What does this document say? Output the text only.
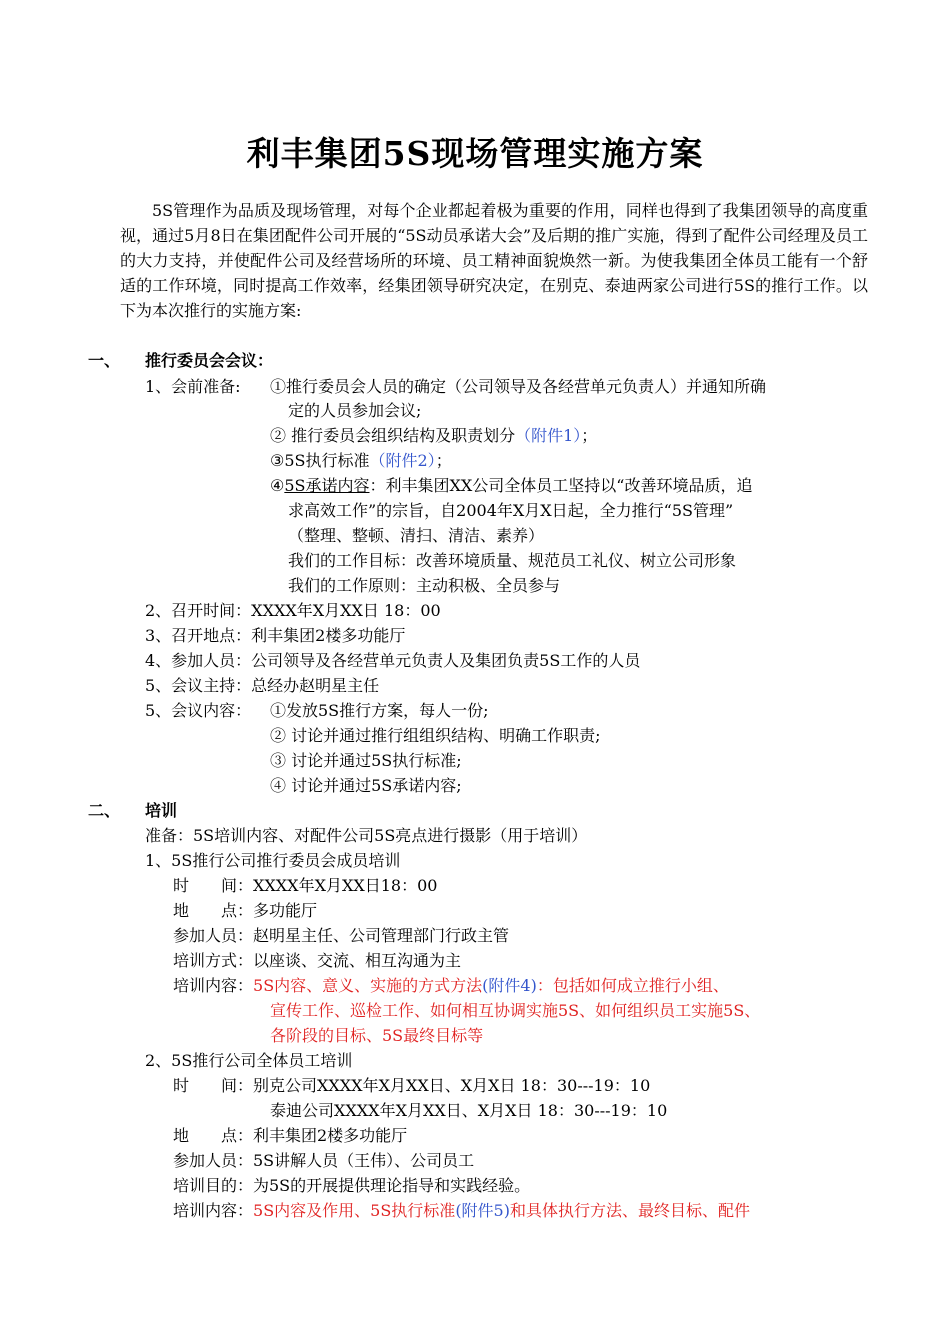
利丰集团5S现场管理实施方案
5S管理作为品质及现场管理，对每个企业都起着极为重要的作用，同样也得到了我集团领导的高度重视，通过5月8日在集团配件公司开展的“5S动员承诺大会”及后期的推广实施，得到了配件公司经理及员工的大力支持，并使配件公司及经营场所的环境、员工精神面貌焕然一新。为使我集团全体员工能有一个舒适的工作环境，同时提高工作效率，经集团领导研究决定，在别克、泰迪两家公司进行5S的推行工作。以下为本次推行的实施方案:
一、 推行委员会会议：
1、会前准备: ①推行委员会人员的确定（公司领导及各经营单元负责人）并通知所确
定的人员参加会议;
② 推行委员会组织结构及职责划分（附件1）；
③5S执行标准（附件2）；
④5S承诺内容：利丰集团XX公司全体员工坚持以“改善环境品质，追
求高效工作”的宗旨，自2004年X月X日起，全力推行“5S管理”
（整理、整顿、清扫、清洁、素养）
我们的工作目标：改善环境质量、规范员工礼仪、树立公司形象
我们的工作原则：主动积极、全员参与
2、召开时间：XXXX年X月XX日 18：00
3、召开地点：利丰集团2楼多功能厅
4、参加人员：公司领导及各经营单元负责人及集团负责5S工作的人员
5、会议主持：总经办赵明星主任
5、会议内容： ①发放5S推行方案，每人一份;
② 讨论并通过推行组组织结构、明确工作职责;
③ 讨论并通过5S执行标准;
④ 讨论并通过5S承诺内容;
二、 培训
准备：5S培训内容、对配件公司5S亮点进行摄影（用于培训）
1、5S推行公司推行委员会成员培训
时　　间：XXXX年X月XX日18：00
地　　点：多功能厅
参加人员：赵明星主任、公司管理部门行政主管
培训方式：以座谈、交流、相互沟通为主
培训内容：5S内容、意义、实施的方式方法(附件4)：包括如何成立推行小组、
宣传工作、巡检工作、如何相互协调实施5S、如何组织员工实施5S、
各阶段的目标、5S最终目标等
2、5S推行公司全体员工培训
时　　间：别克公司XXXX年X月XX日、X月X日 18：30---19：10
泰迪公司XXXX年X月XX日、X月X日 18：30---19：10
地　　点：利丰集团2楼多功能厅
参加人员：5S讲解人员（王伟）、公司员工
培训目的：为5S的开展提供理论指导和实践经验。
培训内容：5S内容及作用、5S执行标准(附件5)和具体执行方法、最终目标、配件
